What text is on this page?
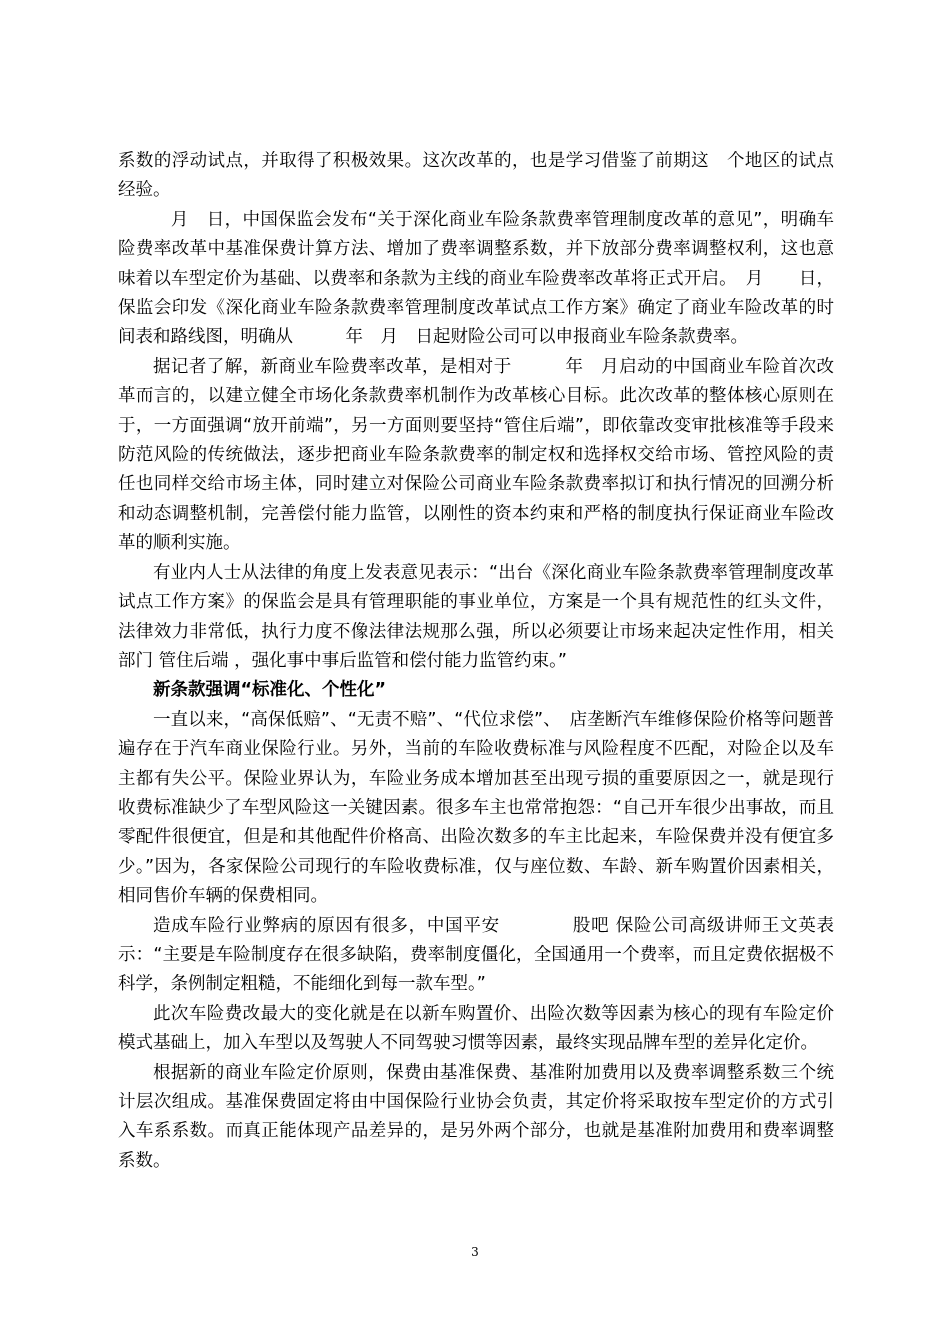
系数的浮动试点，并取得了积极效果。这次改革的，也是学习借鉴了前期这　个地区的试点经验。

　月　日，中国保监会发布“关于深化商业车险条款费率管理制度改革的意见”，明确车险费率改革中基准保费计算方法、增加了费率调整系数，并下放部分费率调整权利，这也意味着以车型定价为基础、以费率和条款为主线的商业车险费率改革将正式开启。　月　　日，保监会印发《深化商业车险条款费率管理制度改革试点工作方案》确定了商业车险改革的时间表和路线图，明确从　　　年　月　日起财险公司可以申报商业车险条款费率。

据记者了解，新商业车险费率改革，是相对于　　　年　月启动的中国商业车险首次改革而言的，以建立健全市场化条款费率机制作为改革核心目标。此次改革的整体核心原则在于，一方面强调“放开前端”，另一方面则要坚持“管住后端”，即依靠改变审批核准等手段来防范风险的传统做法，逐步把商业车险条款费率的制定权和选择权交给市场、管控风险的责任也同样交给市场主体，同时建立对保险公司商业车险条款费率拟订和执行情况的回溯分析和动态调整机制，完善偿付能力监管，以刚性的资本约束和严格的制度执行保证商业车险改革的顺利实施。

有业内人士从法律的角度上发表意见表示：“出台《深化商业车险条款费率管理制度改革试点工作方案》的保监会是具有管理职能的事业单位，方案是一个具有规范性的红头文件，法律效力非常低，执行力度不像法律法规那么强，所以必须要让市场来起决定性作用，相关部门 管住后端 ，强化事中事后监管和偿付能力监管约束。”

新条款强调“标准化、个性化”

一直以来，“高保低赔”、“无责不赔”、“代位求偿”、　店垄断汽车维修保险价格等问题普遍存在于汽车商业保险行业。另外，当前的车险收费标准与风险程度不匹配，对险企以及车主都有失公平。保险业界认为，车险业务成本增加甚至出现亏损的重要原因之一，就是现行收费标准缺少了车型风险这一关键因素。很多车主也常常抱怨：“自己开车很少出事故，而且零配件很便宜，但是和其他配件价格高、出险次数多的车主比起来，车险保费并没有便宜多少。”因为，各家保险公司现行的车险收费标准，仅与座位数、车龄、新车购置价因素相关，相同售价车辆的保费相同。

造成车险行业弊病的原因有很多，中国平安　　　　股吧 保险公司高级讲师王文英表示：“主要是车险制度存在很多缺陷，费率制度僵化，全国通用一个费率，而且定费依据极不科学，条例制定粗糙，不能细化到每一款车型。”

此次车险费改最大的变化就是在以新车购置价、出险次数等因素为核心的现有车险定价模式基础上，加入车型以及驾驶人不同驾驶习惯等因素，最终实现品牌车型的差异化定价。

根据新的商业车险定价原则，保费由基准保费、基准附加费用以及费率调整系数三个统计层次组成。基准保费固定将由中国保险行业协会负责，其定价将采取按车型定价的方式引入车系系数。而真正能体现产品差异的，是另外两个部分，也就是基准附加费用和费率调整系数。

3
